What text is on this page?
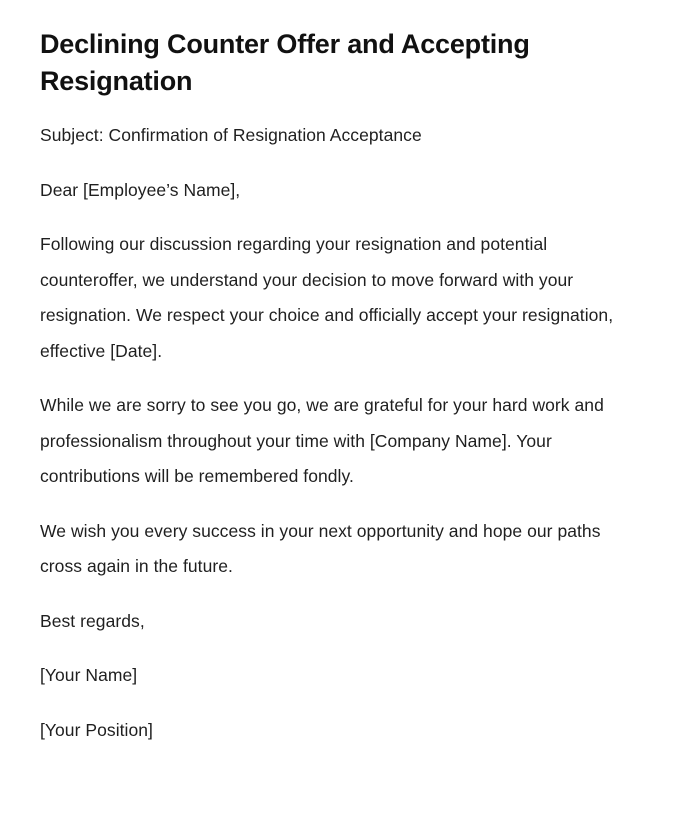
Declining Counter Offer and Accepting Resignation

Subject: Confirmation of Resignation Acceptance

Dear [Employee’s Name],

Following our discussion regarding your resignation and potential counteroffer, we understand your decision to move forward with your resignation. We respect your choice and officially accept your resignation, effective [Date].

While we are sorry to see you go, we are grateful for your hard work and professionalism throughout your time with [Company Name]. Your contributions will be remembered fondly.

We wish you every success in your next opportunity and hope our paths cross again in the future.

Best regards,

[Your Name]

[Your Position]
